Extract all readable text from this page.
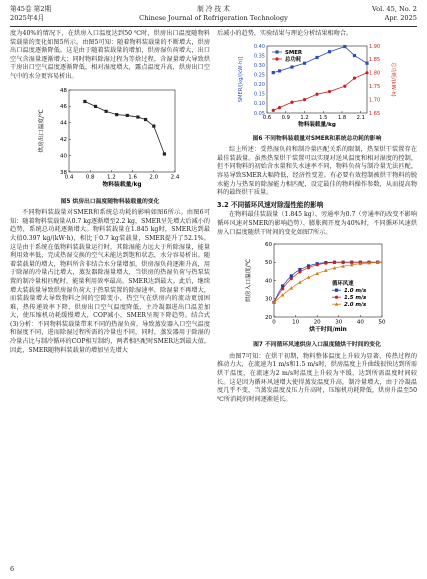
第45卷 第2期
2025年4月
制 冷 技 术
Chinese Journal of Refrigeration Technology
Vol. 45, No. 2
Apr. 2025

度为40%的情况下，在烘房入口温度达到50 ℃时，烘房出口温度随物料装载量的变化如图5所示。由图5可知：随着物料装载量的不断增大，烘房出口温度逐渐降低。这是由于随着装载量的增加，烘房湿负荷增大，出口空气含湿量逐渐增大；同时物料除湿过程为等焓过程，含湿量增大导致烘干房出口空气温度逐渐降低，相对湿度增大，露点温度升高，烘房出口空气中的水分更容易析出。

0.4 0.8 1.2 1.6 2.0 2.4
38
40
42
44
46
48
物料装载量/kg
烘房出口温度/℃
图5 烘房出口温度随物料装载量的变化

不同物料装载量对SMER和系统总功耗的影响如图6所示。由图6可知：随着物料装载量从0.7 kg逐渐增至2.2 kg，SMER呈先增大后减小的趋势，系统总功耗逐渐增大。物料装载量在1.845 kg时，SMER达到最大值0.397 kg/(kW·h)，相比于0.7 kg装载量，SMER提升了52.1%。这是由于系统在低物料装载量运行时，其除湿能力远大于所除湿量，能量利用效率低，完成热湿交换的空气未能达到饱和状态，水分容易析出。随着装载量的增大，物料所含非结合水分量增加，烘房湿负荷逐渐升高，用于除湿的冷量占比增大，蒸发器除湿量增大，当烘房的热湿负荷与热泵装置的制冷量相匹配时，能量利用效率最高，SMER达到最大。此后，继续增大装载量导致烘房湿负荷大于热泵装置的除湿速率，除湿量不再增大，而装载量增大导致物料之间的空隙变小，热空气在烘房内的流动更加困难，热传递效率下降，烘房出口空气温度降低，主冷凝器进出口温差加大，使压缩机功耗缓慢增大，COP减小，SMER呈现下降趋势。结合式(3)分析：不同物料装载量带来不同的热湿负荷，导致蒸发器入口空气温度和湿度不同，进而除湿过程所需的冷量也不同，同时，蒸发器用于除湿的冷量占比与制冷循环的COP相互制约，两者相匹配时SMER达到最大值。因此，SMER随物料装载量的增加呈先增大

后减小的趋势，实验结果与理论分析结果相吻合。

0.6 0.9 1.2 1.5 1.8 2.1
0.05
0.10
0.15
0.20
0.25
0.30
0.35
0.40
1.65
1.70
1.75
1.80
1.85
1.90
物料装载量/kg
SMER/[kg/(kW·h)]	总功耗/(kW·h)
SMER
总功耗
图6 不同物料装载量对SMER和系统总功耗的影响

综上所述：受热湿负荷和制冷量匹配关系的限制，热泵烘干装置存在最佳装载量。虽然热泵烘干装置可以实现对送风温度和相对湿度的控制，但不同物料的初始含水量和失水速率不同，物料负荷与制冷量无法匹配，容易导致SMER大幅降低，经济性变差。有必要有效控制被烘干物料的脱水能力与热泵的除湿能力相匹配，设定最佳的物料操作参数，从而提高物料的最终烘干质量。

3.2 不同循环风速对除湿性能的影响

在物料最佳装载量（1.845 kg）、旁通率为0.7（旁通率的改变不影响循环风速对SMER的影响趋势）、膨胀阀开度为40%时，不同循环风速烘房入口温度随烘干时间的变化如图7所示。

0	10	20	30	40	50
20
30
40
50
60
烘干时间/min
烘房入口温度/℃	循环风速
1.0 m/s
1.5 m/s
2.0 m/s
图7 不同循环风速烘房入口温度随烘干时间的变化

由图7可知：在烘干初期，物料整体温度上升较为显著，传热过程的推动力大，在流速为1 m/s和1.5 m/s时，烘房温度上升曲线很快达到所需烘干温度，在流速为2 m/s时温度上升较为平缓，达到所需温度时间较长。这是因为循环风速增大使得蒸发温度升高，制冷量增大，由于冷凝温度几乎不变，当蒸发温度及压力升高时，压缩机功耗降低，烘房升温至50 ℃所消耗的时间逐渐延长。

6
